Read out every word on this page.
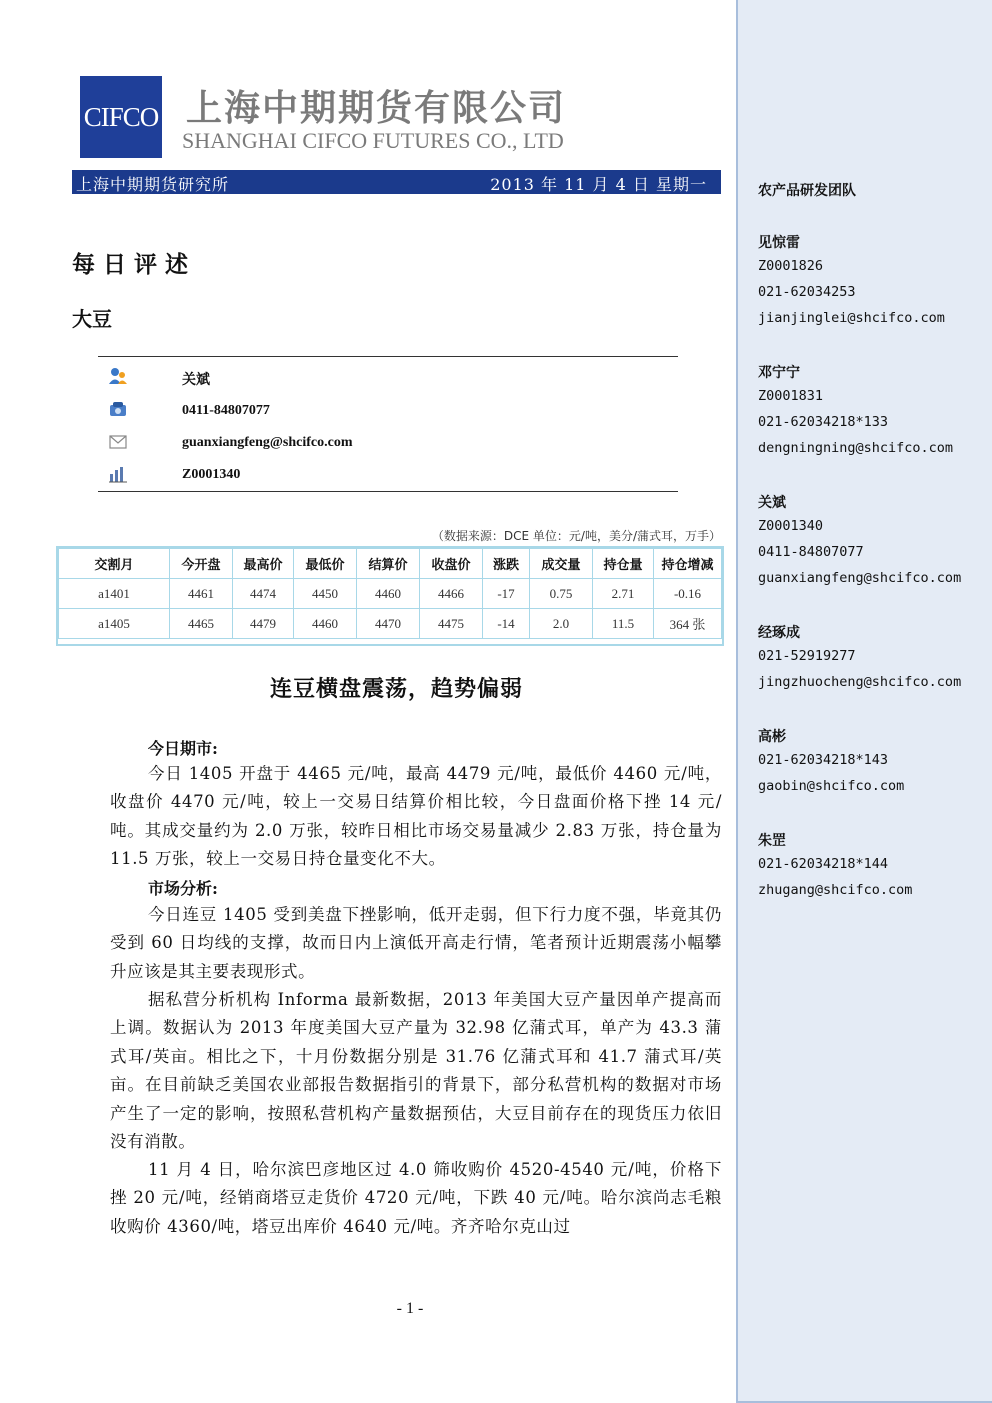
CIFCO 上海中期期货有限公司
SHANGHAI CIFCO FUTURES CO., LTD
上海中期期货研究所	2013 年 11 月 4 日 星期一
每日评述
大豆
关斌
0411-84807077
guanxiangfeng@shcifco.com
Z0001340
（数据来源：DCE 单位：元/吨，美分/蒲式耳，万手）
交割月	今开盘	最高价	最低价	结算价	收盘价	涨跌	成交量	持仓量	持仓增减
a1401	4461	4474	4450	4460	4466	-17	0.75	2.71	-0.16
a1405	4465	4479	4460	4470	4475	-14	2.0	11.5	364 张
连豆横盘震荡，趋势偏弱
今日期市:
今日 1405 开盘于 4465 元/吨，最高 4479 元/吨，最低价 4460 元/吨，收盘价 4470 元/吨，较上一交易日结算价相比较，今日盘面价格下挫 14 元/吨。其成交量约为 2.0 万张，较昨日相比市场交易量减少 2.83 万张，持仓量为 11.5 万张，较上一交易日持仓量变化不大。
市场分析:
今日连豆 1405 受到美盘下挫影响，低开走弱，但下行力度不强，毕竟其仍受到 60 日均线的支撑，故而日内上演低开高走行情，笔者预计近期震荡小幅攀升应该是其主要表现形式。
据私营分析机构 Informa 最新数据，2013 年美国大豆产量因单产提高而上调。数据认为 2013 年度美国大豆产量为 32.98 亿蒲式耳，单产为 43.3 蒲式耳/英亩。相比之下，十月份数据分别是 31.76 亿蒲式耳和 41.7 蒲式耳/英亩。在目前缺乏美国农业部报告数据指引的背景下，部分私营机构的数据对市场产生了一定的影响，按照私营机构产量数据预估，大豆目前存在的现货压力依旧没有消散。
11 月 4 日，哈尔滨巴彦地区过 4.0 筛收购价 4520-4540 元/吨，价格下挫 20 元/吨，经销商塔豆走货价 4720 元/吨，下跌 40 元/吨。哈尔滨尚志毛粮收购价 4360/吨，塔豆出库价 4640 元/吨。齐齐哈尔克山过
- 1 -
农产品研发团队
见惊雷
Z0001826
021-62034253
jianjinglei@shcifco.com
邓宁宁
Z0001831
021-62034218*133
dengningning@shcifco.com
关斌
Z0001340
0411-84807077
guanxiangfeng@shcifco.com
经琢成
021-52919277
jingzhuocheng@shcifco.com
高彬
021-62034218*143
gaobin@shcifco.com
朱罡
021-62034218*144
zhugang@shcifco.com
